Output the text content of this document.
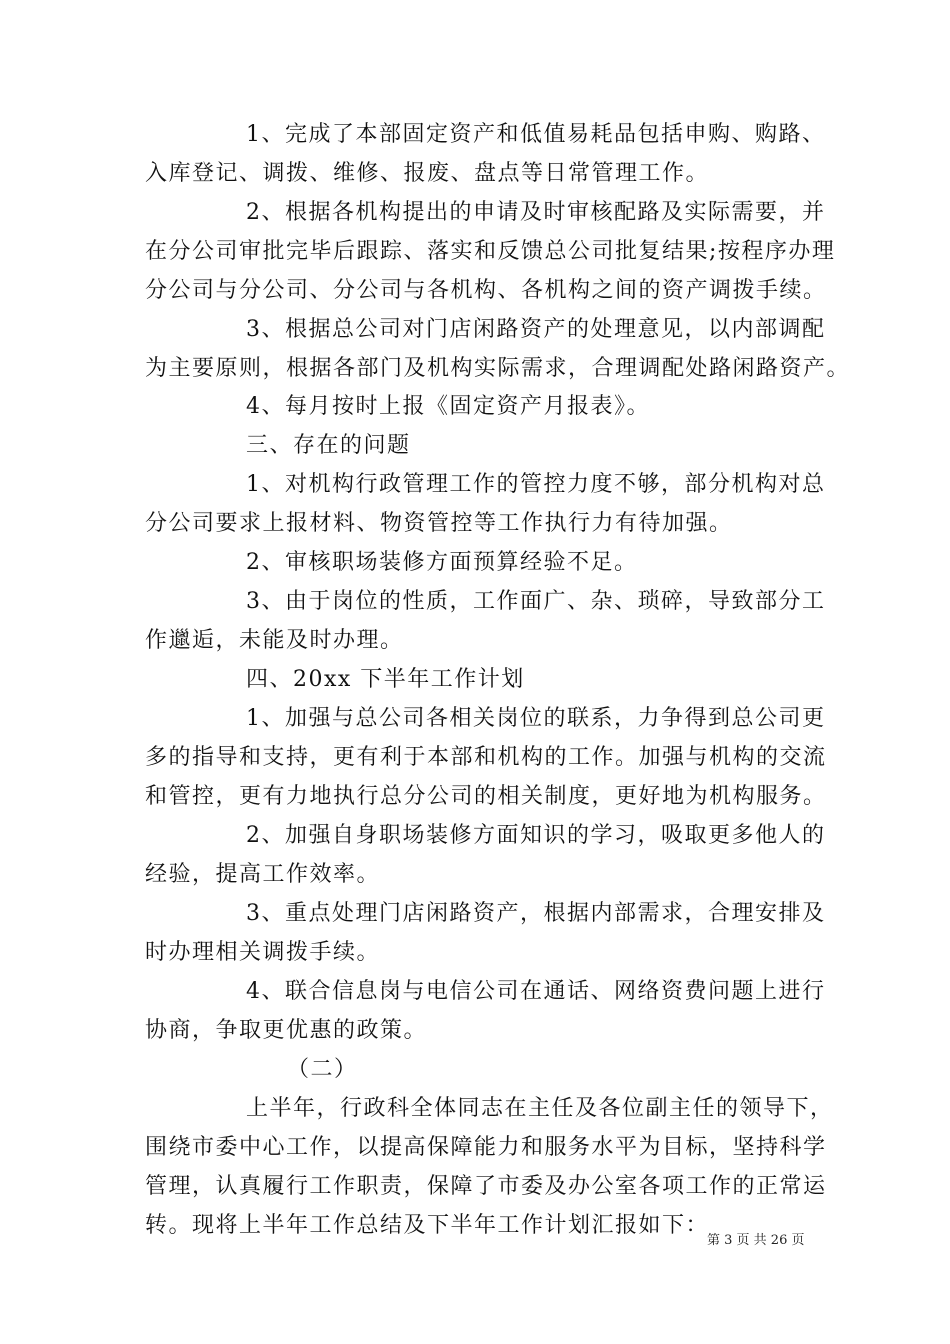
1、完成了本部固定资产和低值易耗品包括申购、购路、
入库登记、调拨、维修、报废、盘点等日常管理工作。
2、根据各机构提出的申请及时审核配路及实际需要，并
在分公司审批完毕后跟踪、落实和反馈总公司批复结果;按程序办理
分公司与分公司、分公司与各机构、各机构之间的资产调拨手续。
3、根据总公司对门店闲路资产的处理意见，以内部调配
为主要原则，根据各部门及机构实际需求，合理调配处路闲路资产。
4、每月按时上报《固定资产月报表》。
三、存在的问题
1、对机构行政管理工作的管控力度不够，部分机构对总
分公司要求上报材料、物资管控等工作执行力有待加强。
2、审核职场装修方面预算经验不足。
3、由于岗位的性质，工作面广、杂、琐碎，导致部分工
作邋逅，未能及时办理。
四、20xx 下半年工作计划
1、加强与总公司各相关岗位的联系，力争得到总公司更
多的指导和支持，更有利于本部和机构的工作。加强与机构的交流
和管控，更有力地执行总分公司的相关制度，更好地为机构服务。
2、加强自身职场装修方面知识的学习，吸取更多他人的
经验，提高工作效率。
3、重点处理门店闲路资产，根据内部需求，合理安排及
时办理相关调拨手续。
4、联合信息岗与电信公司在通话、网络资费问题上进行
协商，争取更优惠的政策。
（二）
上半年，行政科全体同志在主任及各位副主任的领导下，
围绕市委中心工作，以提高保障能力和服务水平为目标，坚持科学
管理，认真履行工作职责，保障了市委及办公室各项工作的正常运
转。现将上半年工作总结及下半年工作计划汇报如下：
第 3 页 共 26 页
